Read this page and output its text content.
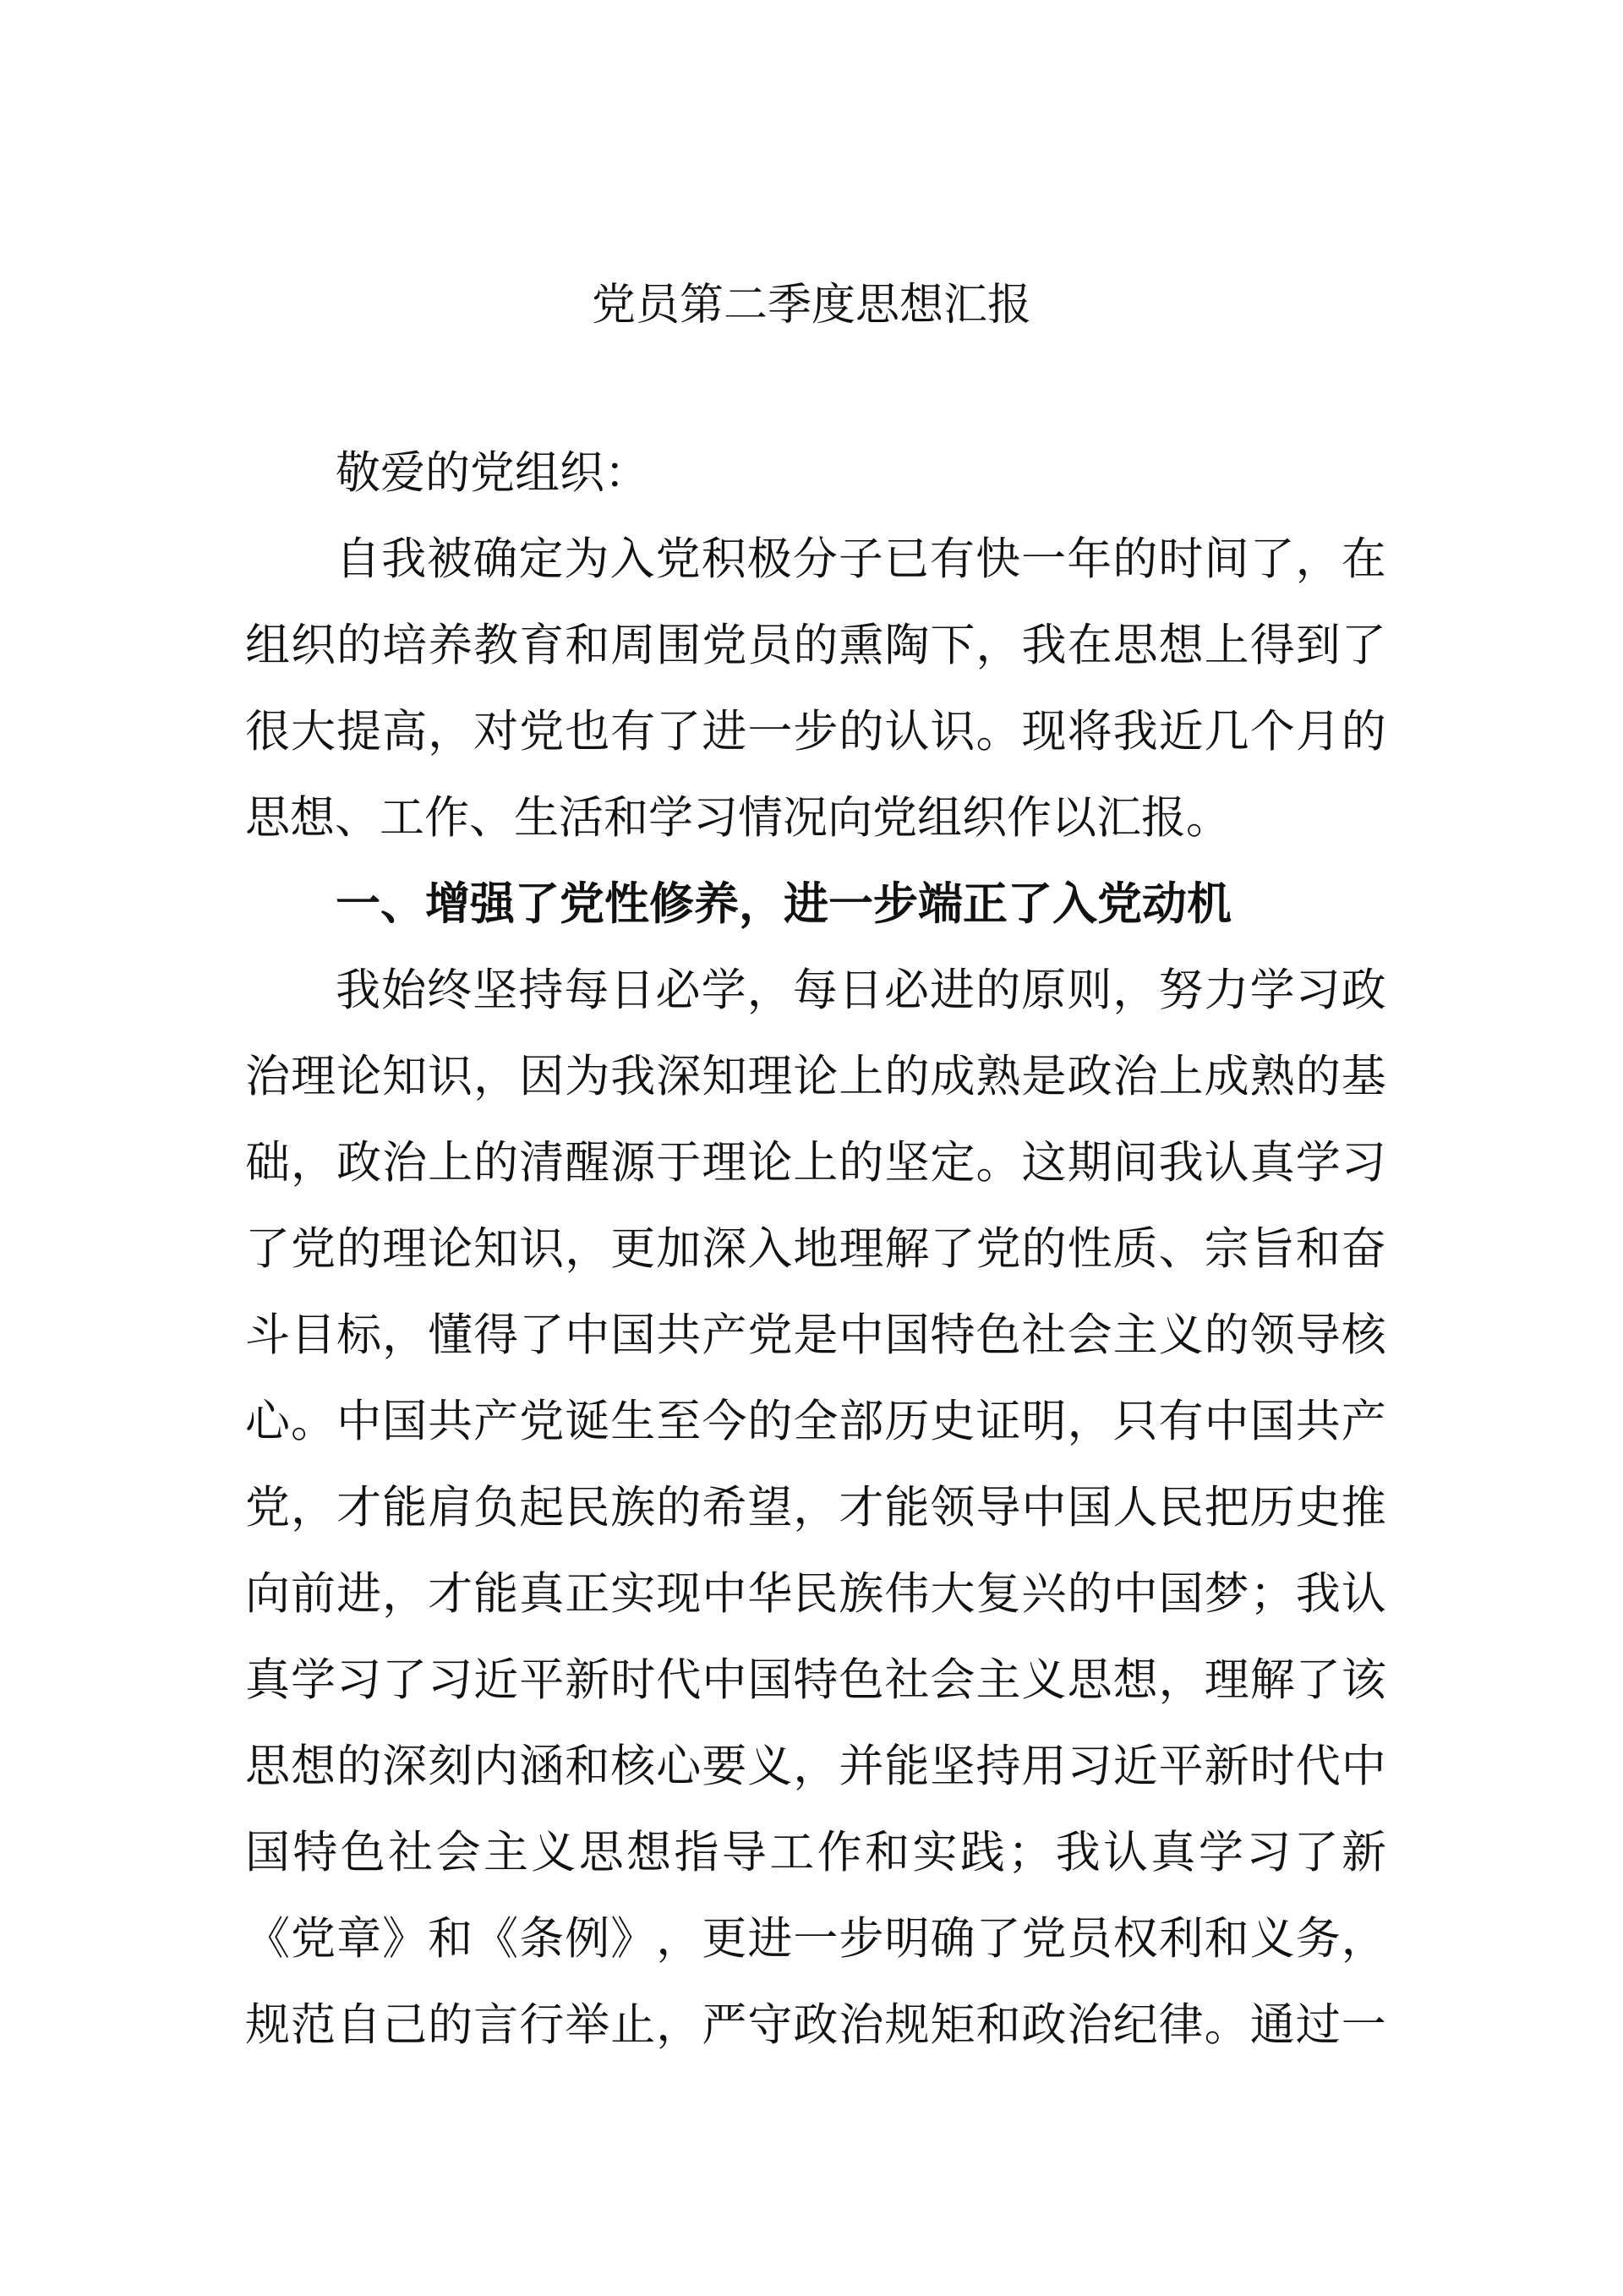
党员第二季度思想汇报

敬爱的党组织：

自 我 被 确 定 为 入 党 积 极 分 子 已 有 快 一 年 的 时 间 了 ， 在

组 织 的 培 养 教 育 和 周 围 党 员 的 熏 陶 下 ， 我 在 思 想 上 得 到 了

很 大 提 高 ， 对 党 也 有 了 进 一 步 的 认 识 。 现 将 我 近 几 个 月 的

思想、工作、生活和学习情况向党组织作以汇报。

一、增强了党性修养，进一步端正了入党动机

我 始 终 坚 持 每 日 必 学 ， 每 日 必 进 的 原 则 ， 努 力 学 习 政

治 理 论 知 识 ， 因 为 我 深 知 理 论 上 的 成 熟 是 政 治 上 成 熟 的 基

础 ， 政 治 上 的 清 醒 源 于 理 论 上 的 坚 定 。 这 期 间 我 认 真 学 习

了 党 的 理 论 知 识 ， 更 加 深 入 地 理 解 了 党 的 性 质 、 宗 旨 和 奋

斗 目 标 ， 懂 得 了 中 国 共 产 党 是 中 国 特 色 社 会 主 义 的 领 导 核

心 。 中 国 共 产 党 诞 生 至 今 的 全 部 历 史 证 明 ， 只 有 中 国 共 产

党 ， 才 能 肩 负 起 民 族 的 希 望 ， 才 能 领 导 中 国 人 民 把 历 史 推

向 前 进 ， 才 能 真 正 实 现 中 华 民 族 伟 大 复 兴 的 中 国 梦 ； 我 认

真 学 习 了 习 近 平 新 时 代 中 国 特 色 社 会 主 义 思 想 ， 理 解 了 该

思 想 的 深 刻 内 涵 和 核 心 要 义 ， 并 能 坚 持 用 习 近 平 新 时 代 中

国 特 色 社 会 主 义 思 想 指 导 工 作 和 实 践 ； 我 认 真 学 习 了 新

《 党 章 》 和 《 条 例 》 ， 更 进 一 步 明 确 了 党 员 权 利 和 义 务 ，

规 范 自 己 的 言 行 举 止 ， 严 守 政 治 规 矩 和 政 治 纪 律 。 通 过 一
